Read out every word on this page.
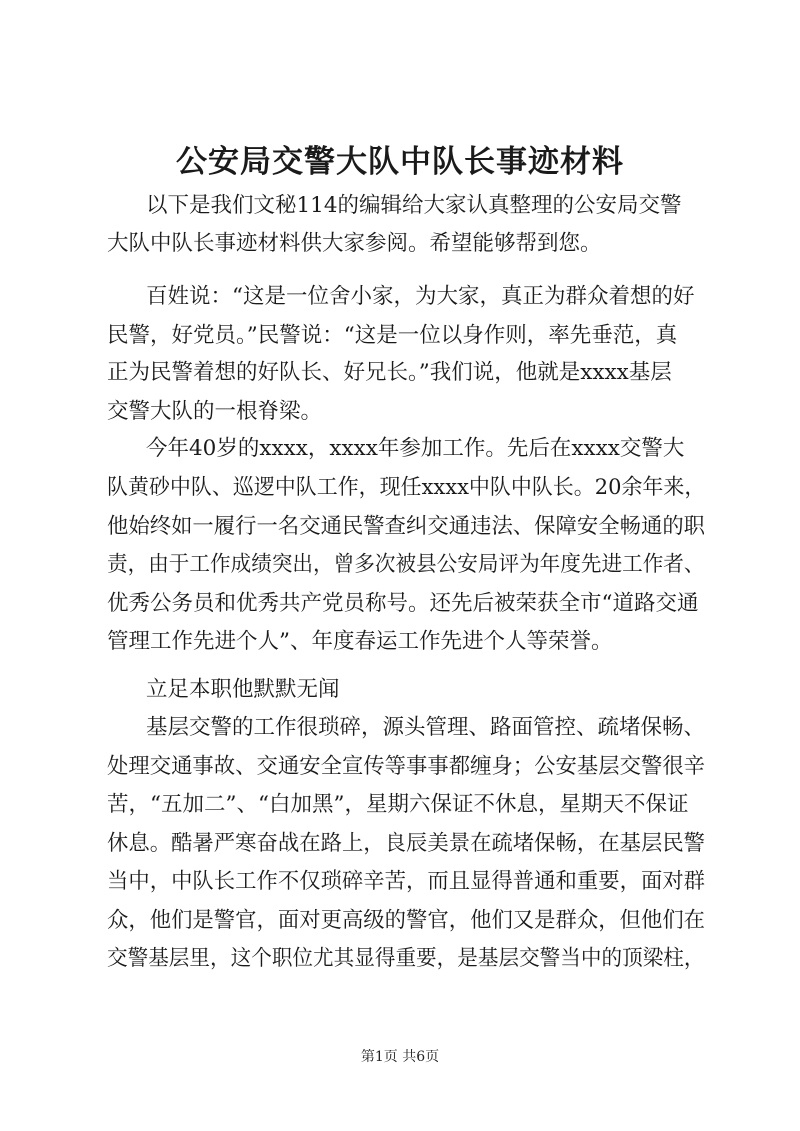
公安局交警大队中队长事迹材料

以下是我们文秘114的编辑给大家认真整理的公安局交警

大队中队长事迹材料供大家参阅。希望能够帮到您。

百姓说：“这是一位舍小家，为大家，真正为群众着想的好

民警，好党员。”民警说：“这是一位以身作则，率先垂范，真

正为民警着想的好队长、好兄长。”我们说，他就是xxxx基层

交警大队的一根脊梁。

今年40岁的xxxx，xxxx年参加工作。先后在xxxx交警大

队黄砂中队、巡逻中队工作，现任xxxx中队中队长。20余年来，

他始终如一履行一名交通民警查纠交通违法、保障安全畅通的职

责，由于工作成绩突出，曾多次被县公安局评为年度先进工作者、

优秀公务员和优秀共产党员称号。还先后被荣获全市“道路交通

管理工作先进个人”、年度春运工作先进个人等荣誉。

立足本职他默默无闻

基层交警的工作很琐碎，源头管理、路面管控、疏堵保畅、

处理交通事故、交通安全宣传等事事都缠身；公安基层交警很辛

苦，“五加二”、“白加黑”，星期六保证不休息，星期天不保证

休息。酷暑严寒奋战在路上，良辰美景在疏堵保畅，在基层民警

当中，中队长工作不仅琐碎辛苦，而且显得普通和重要，面对群

众，他们是警官，面对更高级的警官，他们又是群众，但他们在

交警基层里，这个职位尤其显得重要，是基层交警当中的顶梁柱，

第1页 共6页
